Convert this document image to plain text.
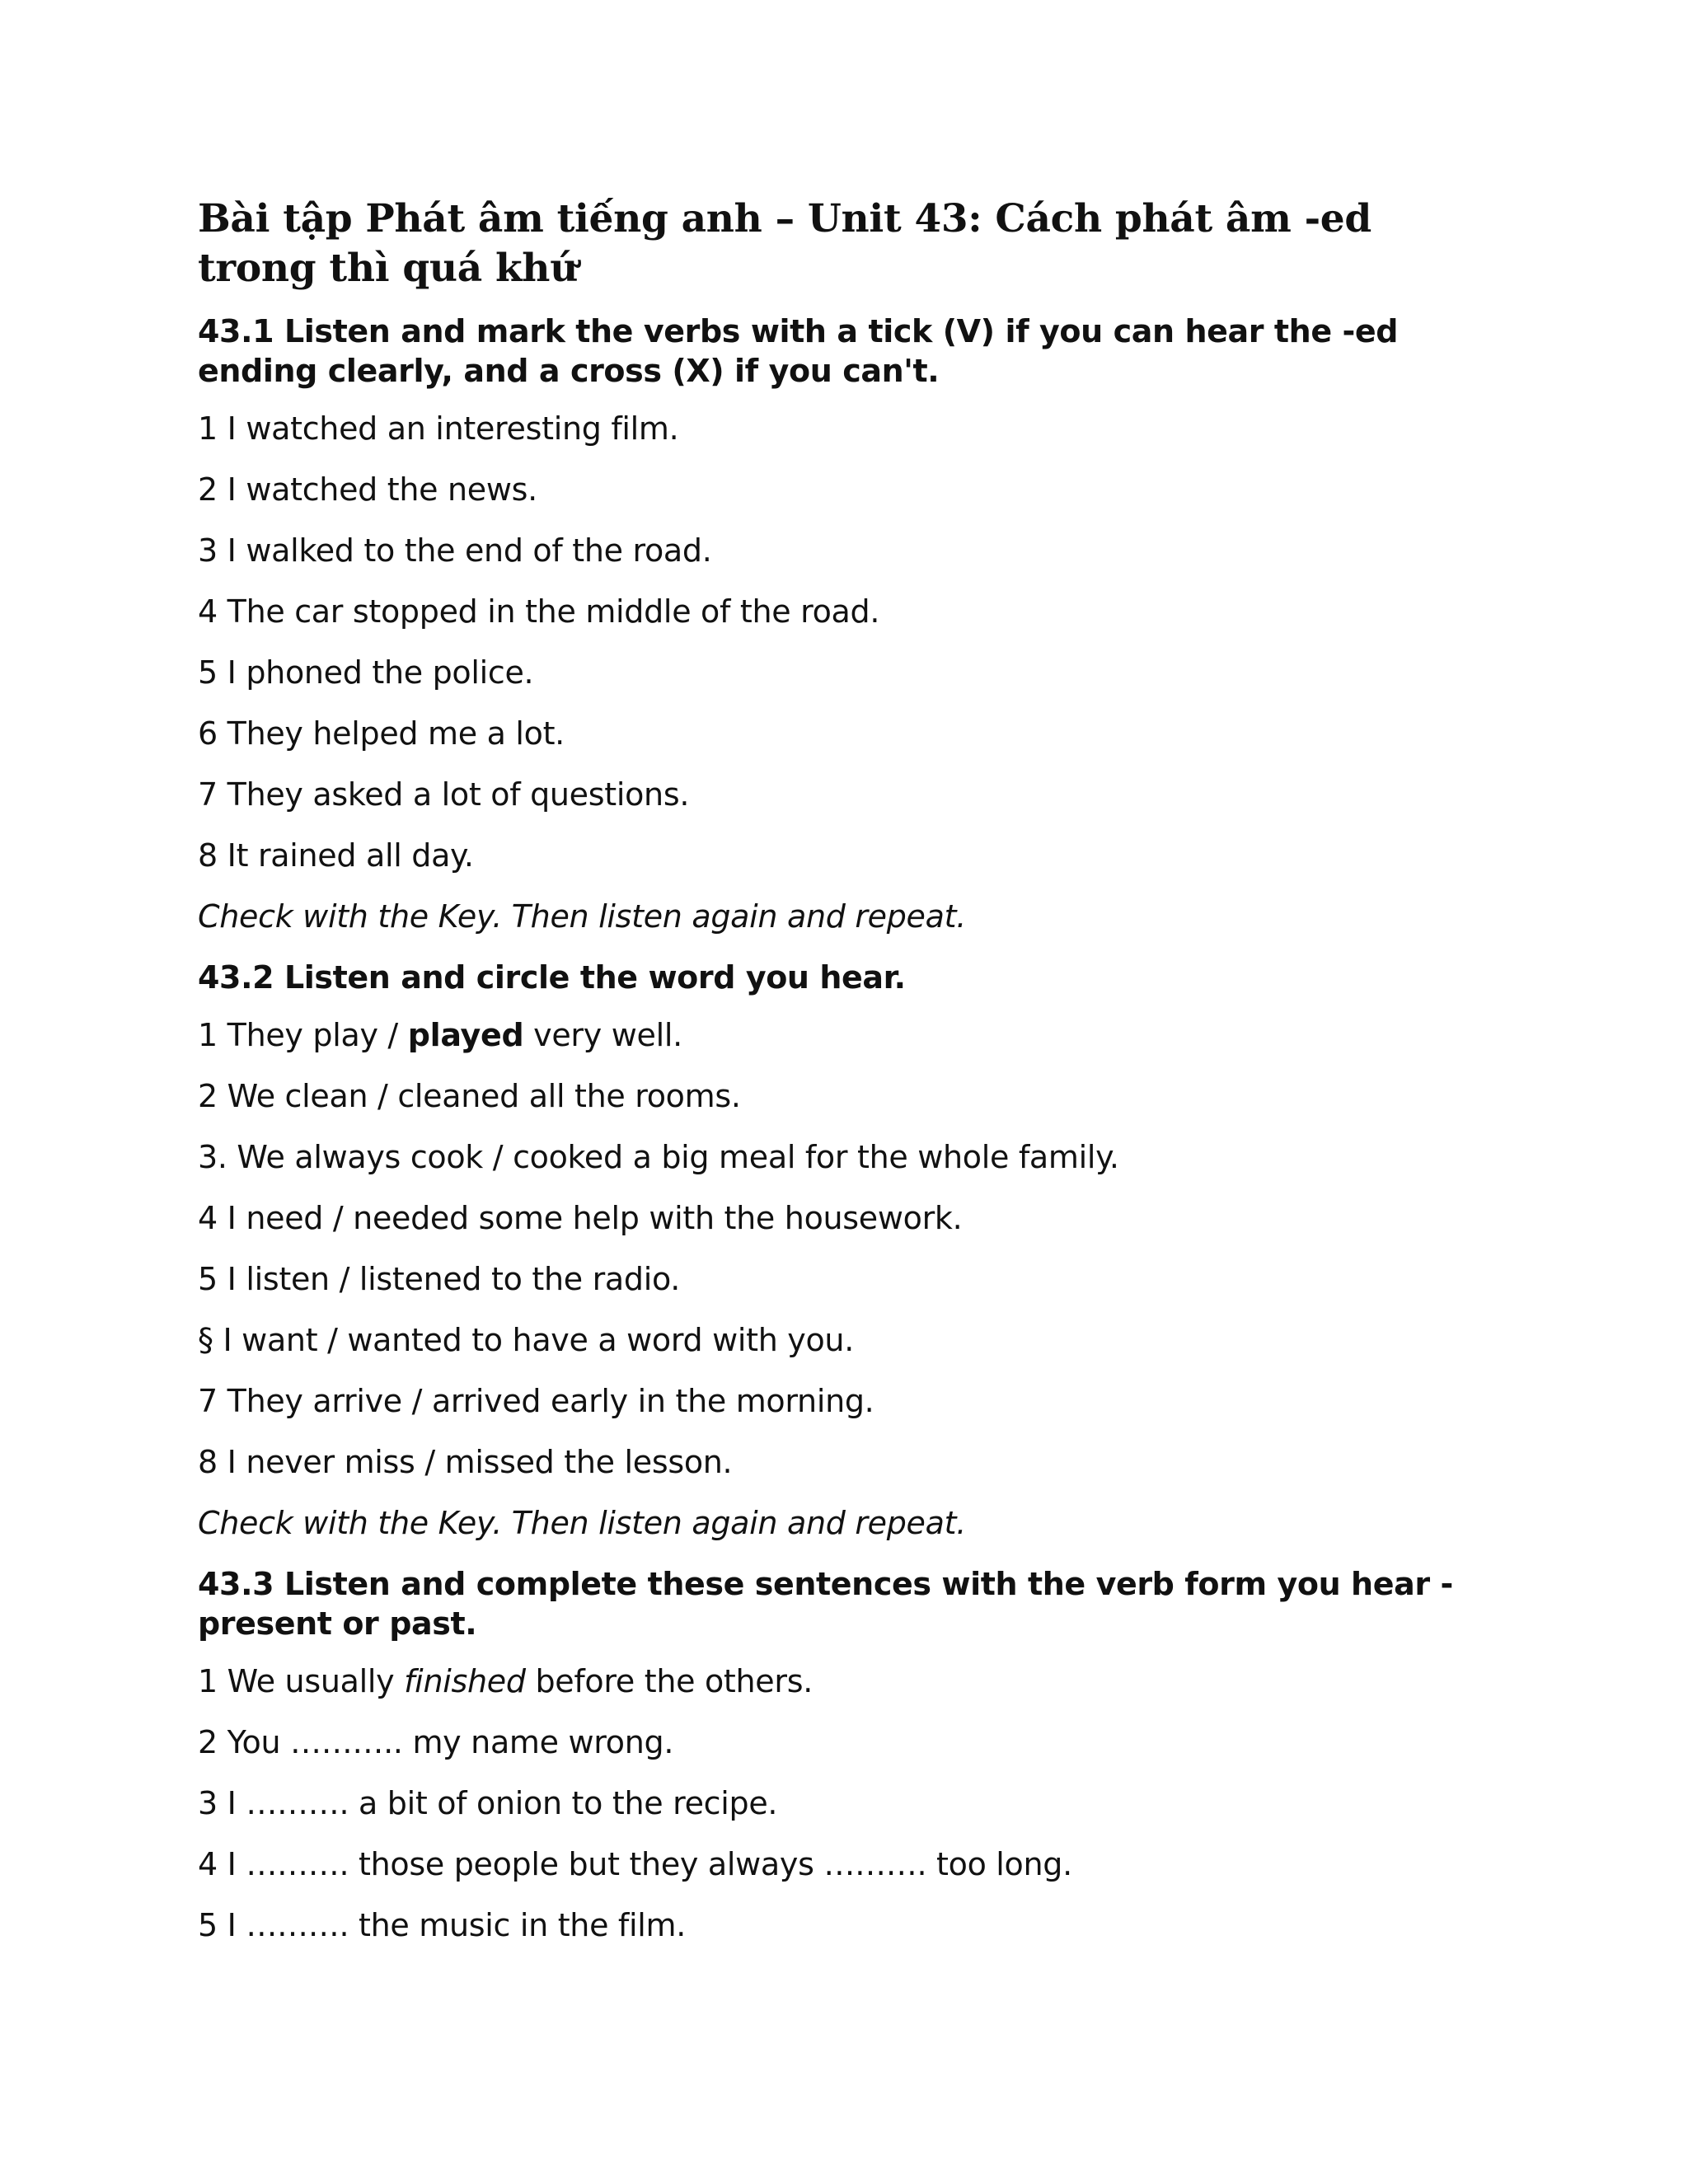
Bài tập Phát âm tiếng anh – Unit 43: Cách phát âm -ed trong thì quá khứ
43.1 Listen and mark the verbs with a tick (V) if you can hear the -ed ending clearly, and a cross (X) if you can't.
1 I watched an interesting film.
2 I watched the news.
3 I walked to the end of the road.
4 The car stopped in the middle of the road.
5 I phoned the police.
6 They helped me a lot.
7 They asked a lot of questions.
8 It rained all day.
Check with the Key. Then listen again and repeat.
43.2 Listen and circle the word you hear.
1 They play / played very well.
2 We clean / cleaned all the rooms.
3. We always cook / cooked a big meal for the whole family.
4 I need / needed some help with the housework.
5 I listen / listened to the radio.
§ I want / wanted to have a word with you.
7 They arrive / arrived early in the morning.
8 I never miss / missed the lesson.
Check with the Key. Then listen again and repeat.
43.3 Listen and complete these sentences with the verb form you hear - present or past.
1 We usually finished before the others.
2 You ……….. my name wrong.
3 I ………. a bit of onion to the recipe.
4 I ………. those people but they always ………. too long.
5 I ………. the music in the film.
